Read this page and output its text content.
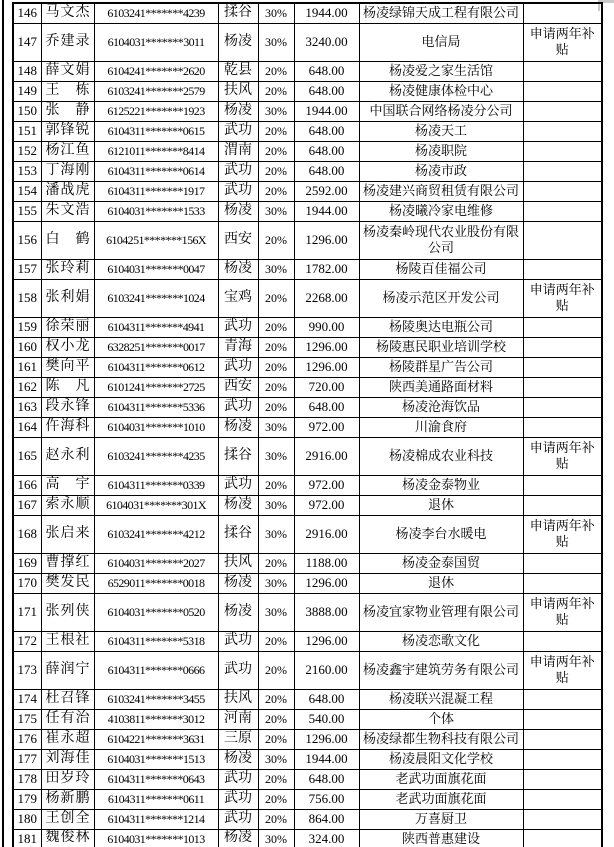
146	马文杰	6103241*******4239	揉谷	30%	1944.00	杨凌绿锦天成工程有限公司	
147	乔建录	6104031*******3011	杨凌	30%	3240.00	电信局	申请两年补贴
148	薛文娟	6104241*******2620	乾县	20%	648.00	杨凌爱之家生活馆	
149	王　栋	6103241*******2579	扶风	20%	648.00	杨凌健康体检中心	
150	张　静	6125221*******1923	杨凌	30%	1944.00	中国联合网络杨凌分公司	
151	郭锋锐	6104311*******0615	武功	20%	648.00	杨凌天工	
152	杨江鱼	6121011*******8414	渭南	20%	648.00	杨凌职院	
153	丁海刚	6104311*******0614	武功	20%	648.00	杨凌市政	
154	潘战虎	6104311*******1917	武功	20%	2592.00	杨凌建兴商贸租赁有限公司	
155	朱文浩	6104031*******1533	杨凌	30%	1944.00	杨凌曦冷家电维修	
156	白　鹤	6104251*******156X	西安	20%	1296.00	杨凌秦岭现代农业股份有限公司	
157	张玲莉	6104031*******0047	杨凌	30%	1782.00	杨陵百佳福公司	
158	张利娟	6103241*******1024	宝鸡	20%	2268.00	杨凌示范区开发公司	申请两年补贴
159	徐荣丽	6104311*******4941	武功	20%	990.00	杨陵奥达电瓶公司	
160	权小龙	6328251*******0017	青海	20%	1296.00	杨陵惠民职业培训学校	
161	樊向平	6104311*******0612	武功	20%	1296.00	杨陵群星广告公司	
162	陈　凡	6101241*******2725	西安	20%	720.00	陕西美通路面材料	
163	段永锋	6104311*******5336	武功	20%	648.00	杨凌沧海饮品	
164	仵海科	6104031*******1010	杨凌	30%	972.00	川渝食府	
165	赵永利	6103241*******4235	揉谷	30%	2916.00	杨凌棉成农业科技	申请两年补贴
166	高　宇	6104311*******0339	武功	20%	972.00	杨凌金泰物业	
167	索永顺	6104031*******301X	杨凌	30%	972.00	退休	
168	张启来	6103241*******4212	揉谷	30%	2916.00	杨凌李台水暖电	申请两年补贴
169	曹撑红	6104031*******2027	扶风	20%	1188.00	杨凌金泰国贸	
170	樊发民	6529011*******0018	杨凌	30%	1296.00	退休	
171	张列侠	6104031*******0520	杨凌	30%	3888.00	杨凌宜家物业管理有限公司	申请两年补贴
172	王根社	6104311*******5318	武功	20%	1296.00	杨凌恋歌文化	
173	薛润宁	6104311*******0666	武功	20%	2160.00	杨凌鑫宇建筑劳务有限公司	申请两年补贴
174	杜召锋	6103241*******3455	扶风	20%	648.00	杨凌联兴混凝工程	
175	任有治	4103811*******3012	河南	20%	540.00	个体	
176	崔永超	6104221*******3631	三原	20%	1296.00	杨凌绿都生物科技有限公司	
177	刘海佳	6104031*******1513	杨凌	30%	1944.00	杨凌晨阳文化学校	
178	田岁玲	6104311*******0643	武功	20%	648.00	老武功面旗花面	
179	杨新鹏	6104311*******0611	武功	20%	756.00	老武功面旗花面	
180	王创全	6104311*******1214	武功	20%	864.00	万喜厨卫	
181	魏俊林	6104031*******1013	杨凌	30%	324.00	陕西普惠建设	
